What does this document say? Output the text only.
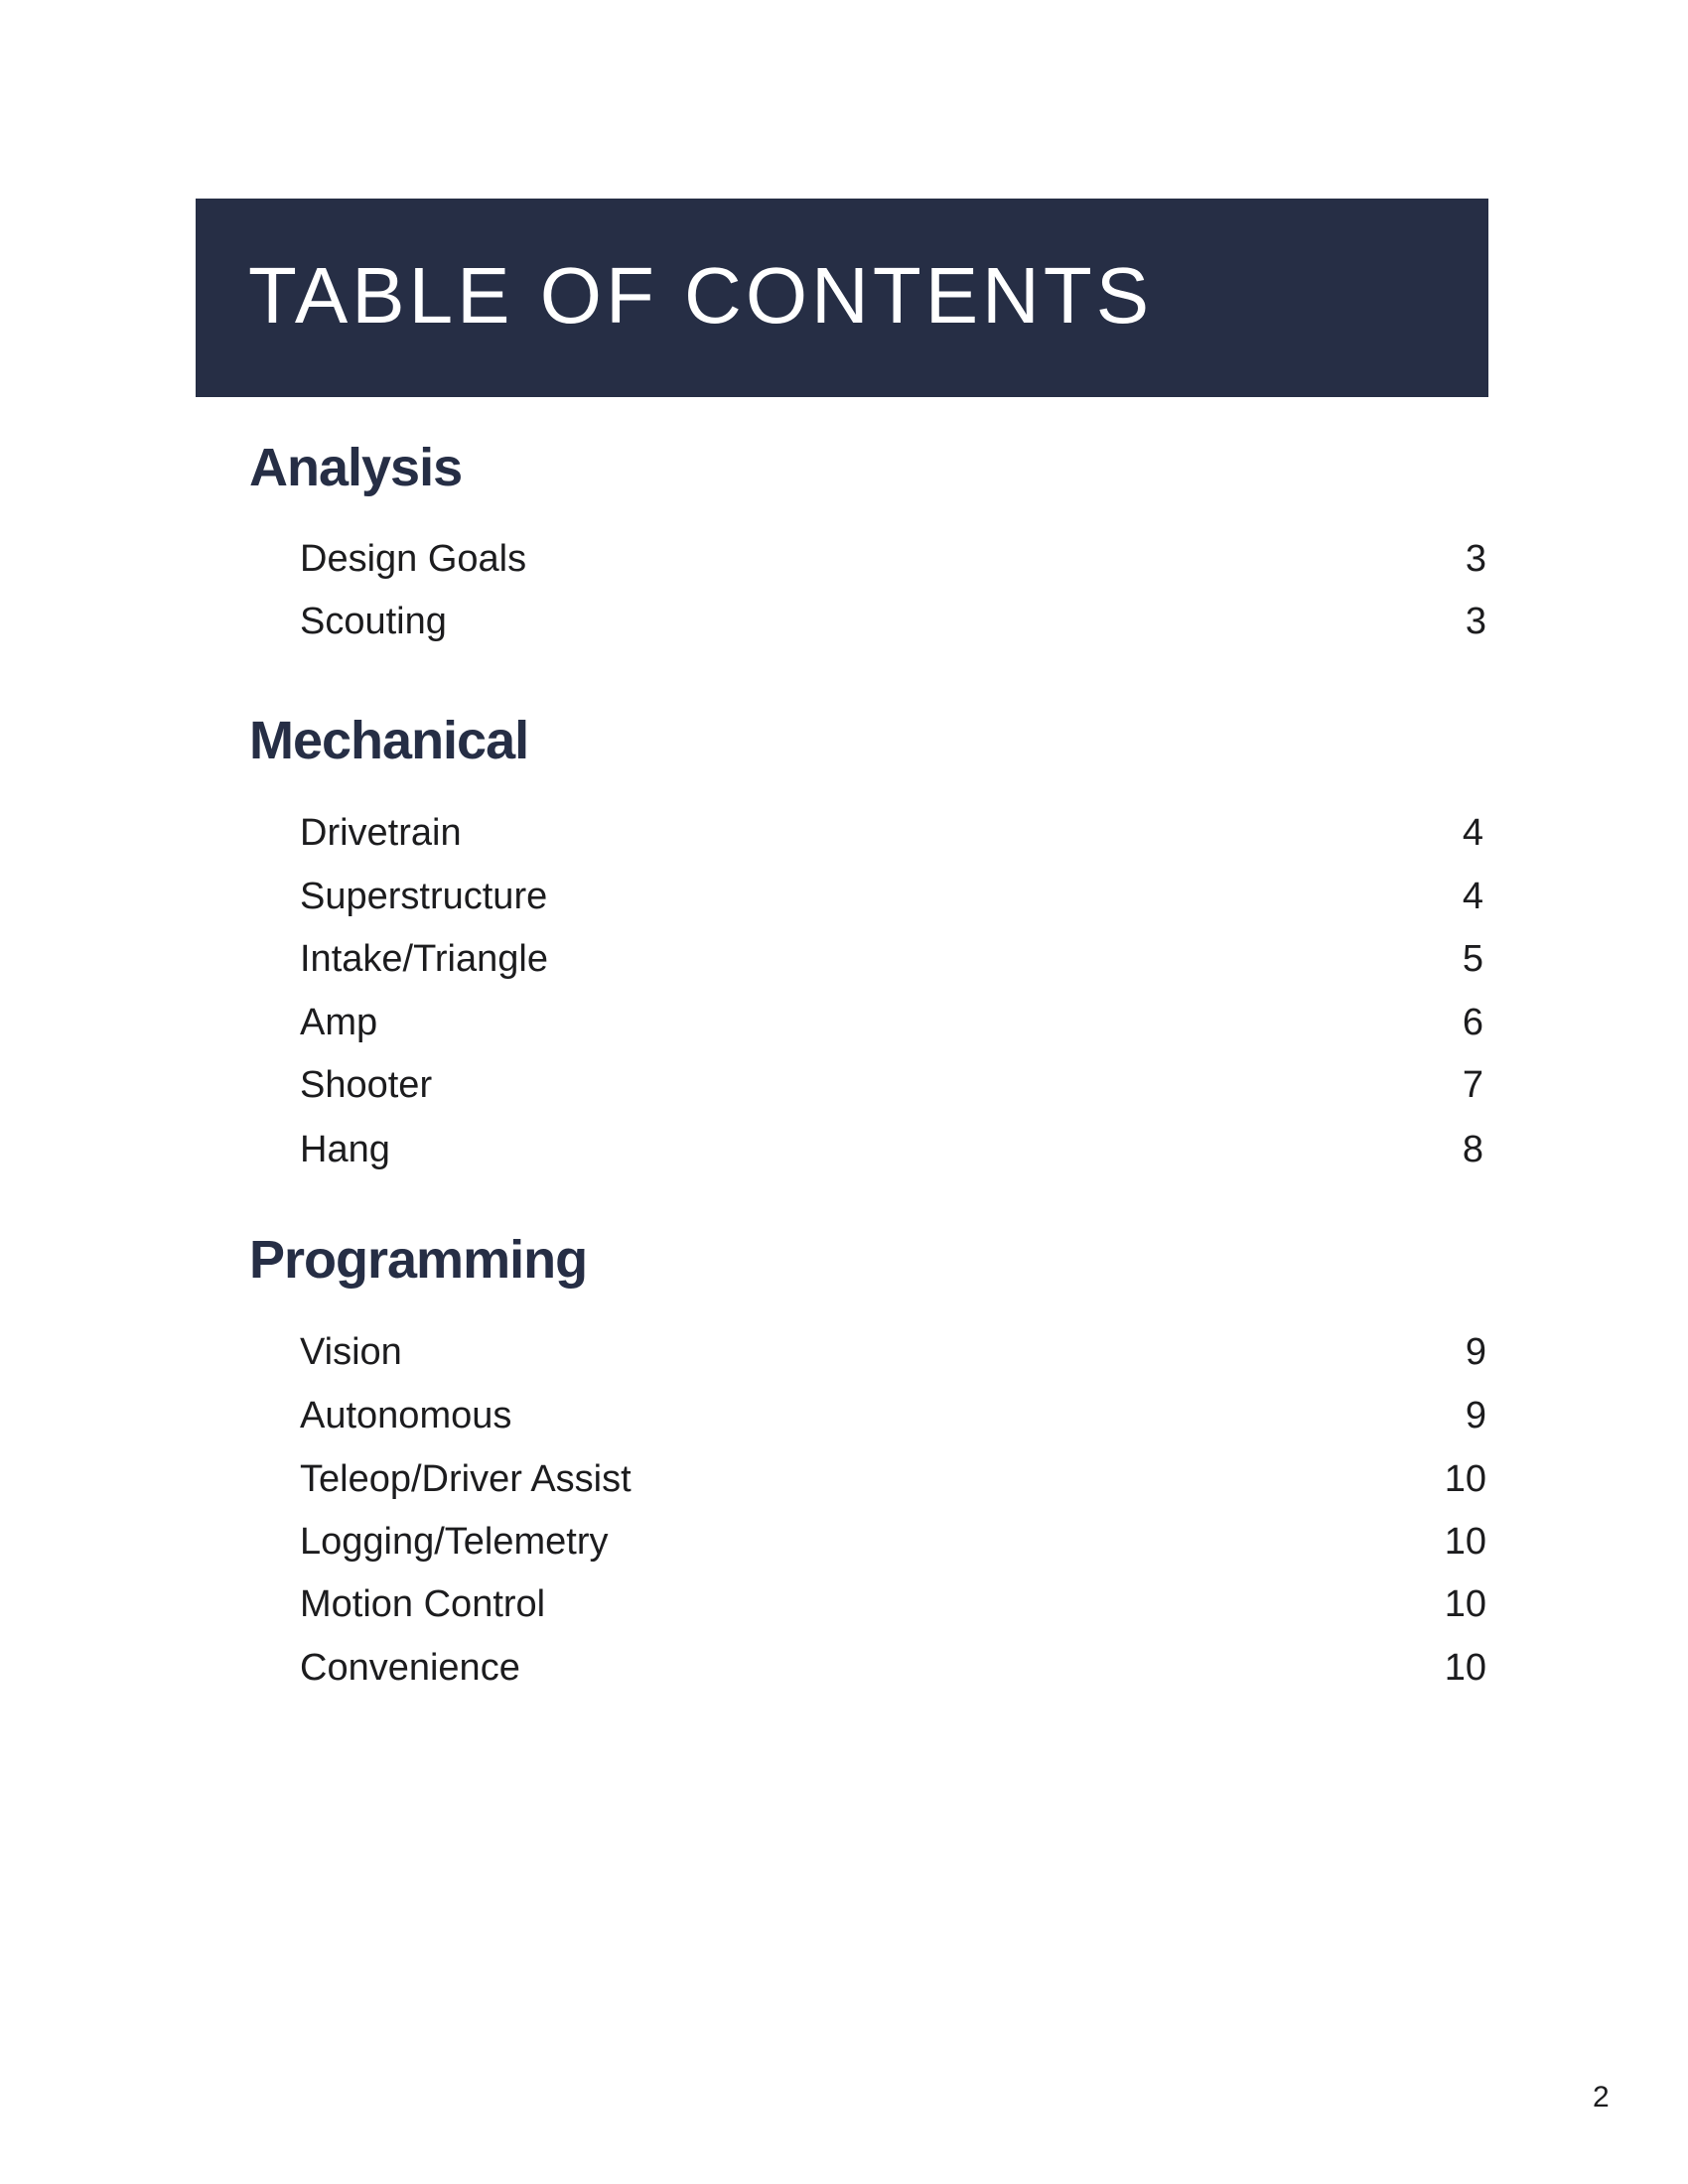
TABLE OF CONTENTS
Analysis
Design Goals	3
Scouting	3
Mechanical
Drivetrain	4
Superstructure	4
Intake/Triangle	5
Amp	6
Shooter	7
Hang	8
Programming
Vision	9
Autonomous	9
Teleop/Driver Assist	10
Logging/Telemetry	10
Motion Control	10
Convenience	10
2
